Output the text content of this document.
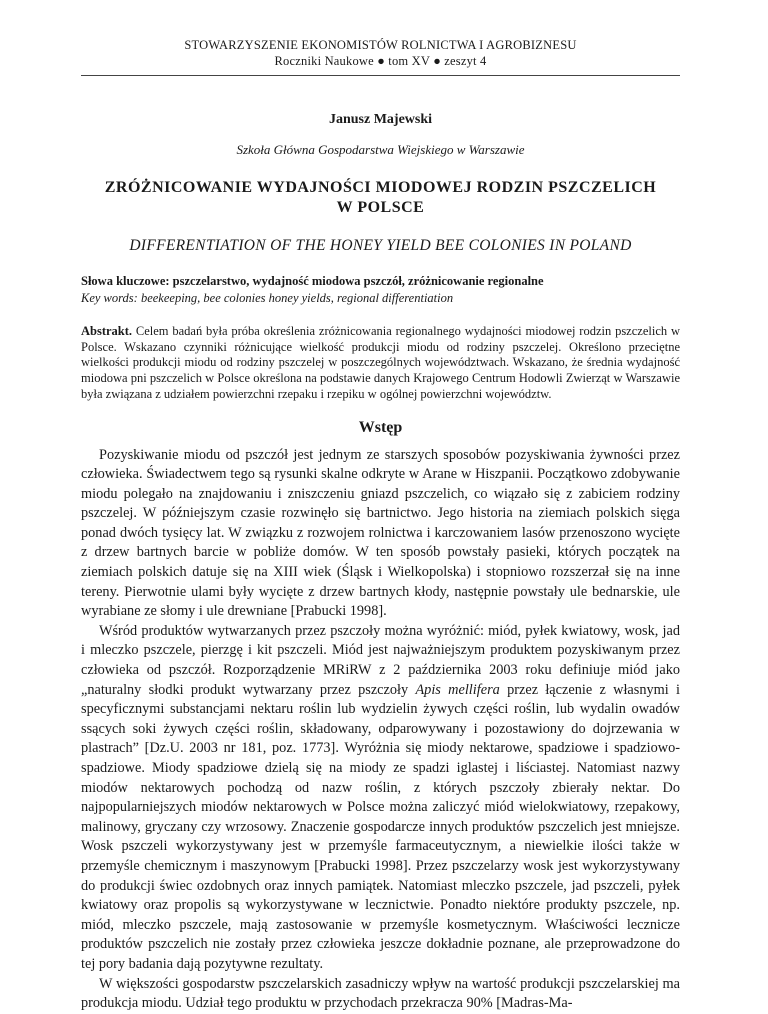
STOWARZYSZENIE EKONOMISTÓW ROLNICTWA I AGROBIZNESU
Roczniki Naukowe ● tom XV ● zeszyt 4
Janusz Majewski
Szkoła Główna Gospodarstwa Wiejskiego w Warszawie
ZRÓŻNICOWANIE WYDAJNOŚCI MIODOWEJ RODZIN PSZCZELICH
W POLSCE
DIFFERENTIATION OF THE HONEY YIELD BEE COLONIES IN POLAND
Słowa kluczowe: pszczelarstwo, wydajność miodowa pszczół, zróżnicowanie regionalne
Key words: beekeeping, bee colonies honey yields, regional differentiation
Abstrakt. Celem badań była próba określenia zróżnicowania regionalnego wydajności miodowej rodzin pszczelich w Polsce. Wskazano czynniki różnicujące wielkość produkcji miodu od rodziny pszczelej. Określono przeciętne wielkości produkcji miodu od rodziny pszczelej w poszczególnych województwach. Wskazano, że średnia wydajność miodowa pni pszczelich w Polsce określona na podstawie danych Krajowego Centrum Hodowli Zwierząt w Warszawie była związana z udziałem powierzchni rzepaku i rzepiku w ogólnej powierzchni województw.
Wstęp

Pozyskiwanie miodu od pszczół jest jednym ze starszych sposobów pozyskiwania żywności przez człowieka. Świadectwem tego są rysunki skalne odkryte w Arane w Hiszpanii. Początkowo zdobywanie miodu polegało na znajdowaniu i zniszczeniu gniazd pszczelich, co wiązało się z zabiciem rodziny pszczelej. W późniejszym czasie rozwinęło się bartnictwo. Jego historia na ziemiach polskich sięga ponad dwóch tysięcy lat. W związku z rozwojem rolnictwa i karczowaniem lasów przenoszono wycięte z drzew bartnych barcie w pobliże domów. W ten sposób powstały pasieki, których początek na ziemiach polskich datuje się na XIII wiek (Śląsk i Wielkopolska) i stopniowo rozszerzał się na inne tereny. Pierwotnie ulami były wycięte z drzew bartnych kłody, następnie powstały ule bednarskie, ule wyrabiane ze słomy i ule drewniane [Prabucki 1998].

Wśród produktów wytwarzanych przez pszczoły można wyróżnić: miód, pyłek kwiatowy, wosk, jad i mleczko pszczele, pierzgę i kit pszczeli. Miód jest najważniejszym produktem pozyskiwanym przez człowieka od pszczół. Rozporządzenie MRiRW z 2 października 2003 roku definiuje miód jako „naturalny słodki produkt wytwarzany przez pszczoły Apis mellifera przez łączenie z własnymi i specyficznymi substancjami nektaru roślin lub wydzielin żywych części roślin, lub wydalin owadów ssących soki żywych części roślin, składowany, odparowywany i pozostawiony do dojrzewania w plastrach” [Dz.U. 2003 nr 181, poz. 1773]. Wyróżnia się miody nektarowe, spadziowe i spadziowo-spadziowe. Miody spadziowe dzielą się na miody ze spadzi iglastej i liściastej. Natomiast nazwy miodów nektarowych pochodzą od nazw roślin, z których pszczoły zbierały nektar. Do najpopularniejszych miodów nektarowych w Polsce można zaliczyć miód wielokwiatowy, rzepakowy, malinowy, gryczany czy wrzosowy. Znaczenie gospodarcze innych produktów pszczelich jest mniejsze. Wosk pszczeli wykorzystywany jest w przemyśle farmaceutycznym, a niewielkie ilości także w przemyśle chemicznym i maszynowym [Prabucki 1998]. Przez pszczelarzy wosk jest wykorzystywany do produkcji świec ozdobnych oraz innych pamiątek. Natomiast mleczko pszczele, jad pszczeli, pyłek kwiatowy oraz propolis są wykorzystywane w lecznictwie. Ponadto niektóre produkty pszczele, np. miód, mleczko pszczele, mają zastosowanie w przemyśle kosmetycznym. Właściwości lecznicze produktów pszczelich nie zostały przez człowieka jeszcze dokładnie poznane, ale przeprowadzone do tej pory badania dają pozytywne rezultaty.

W większości gospodarstw pszczelarskich zasadniczy wpływ na wartość produkcji pszczelarskiej ma produkcja miodu. Udział tego produktu w przychodach przekracza 90% [Madras-Ma-
